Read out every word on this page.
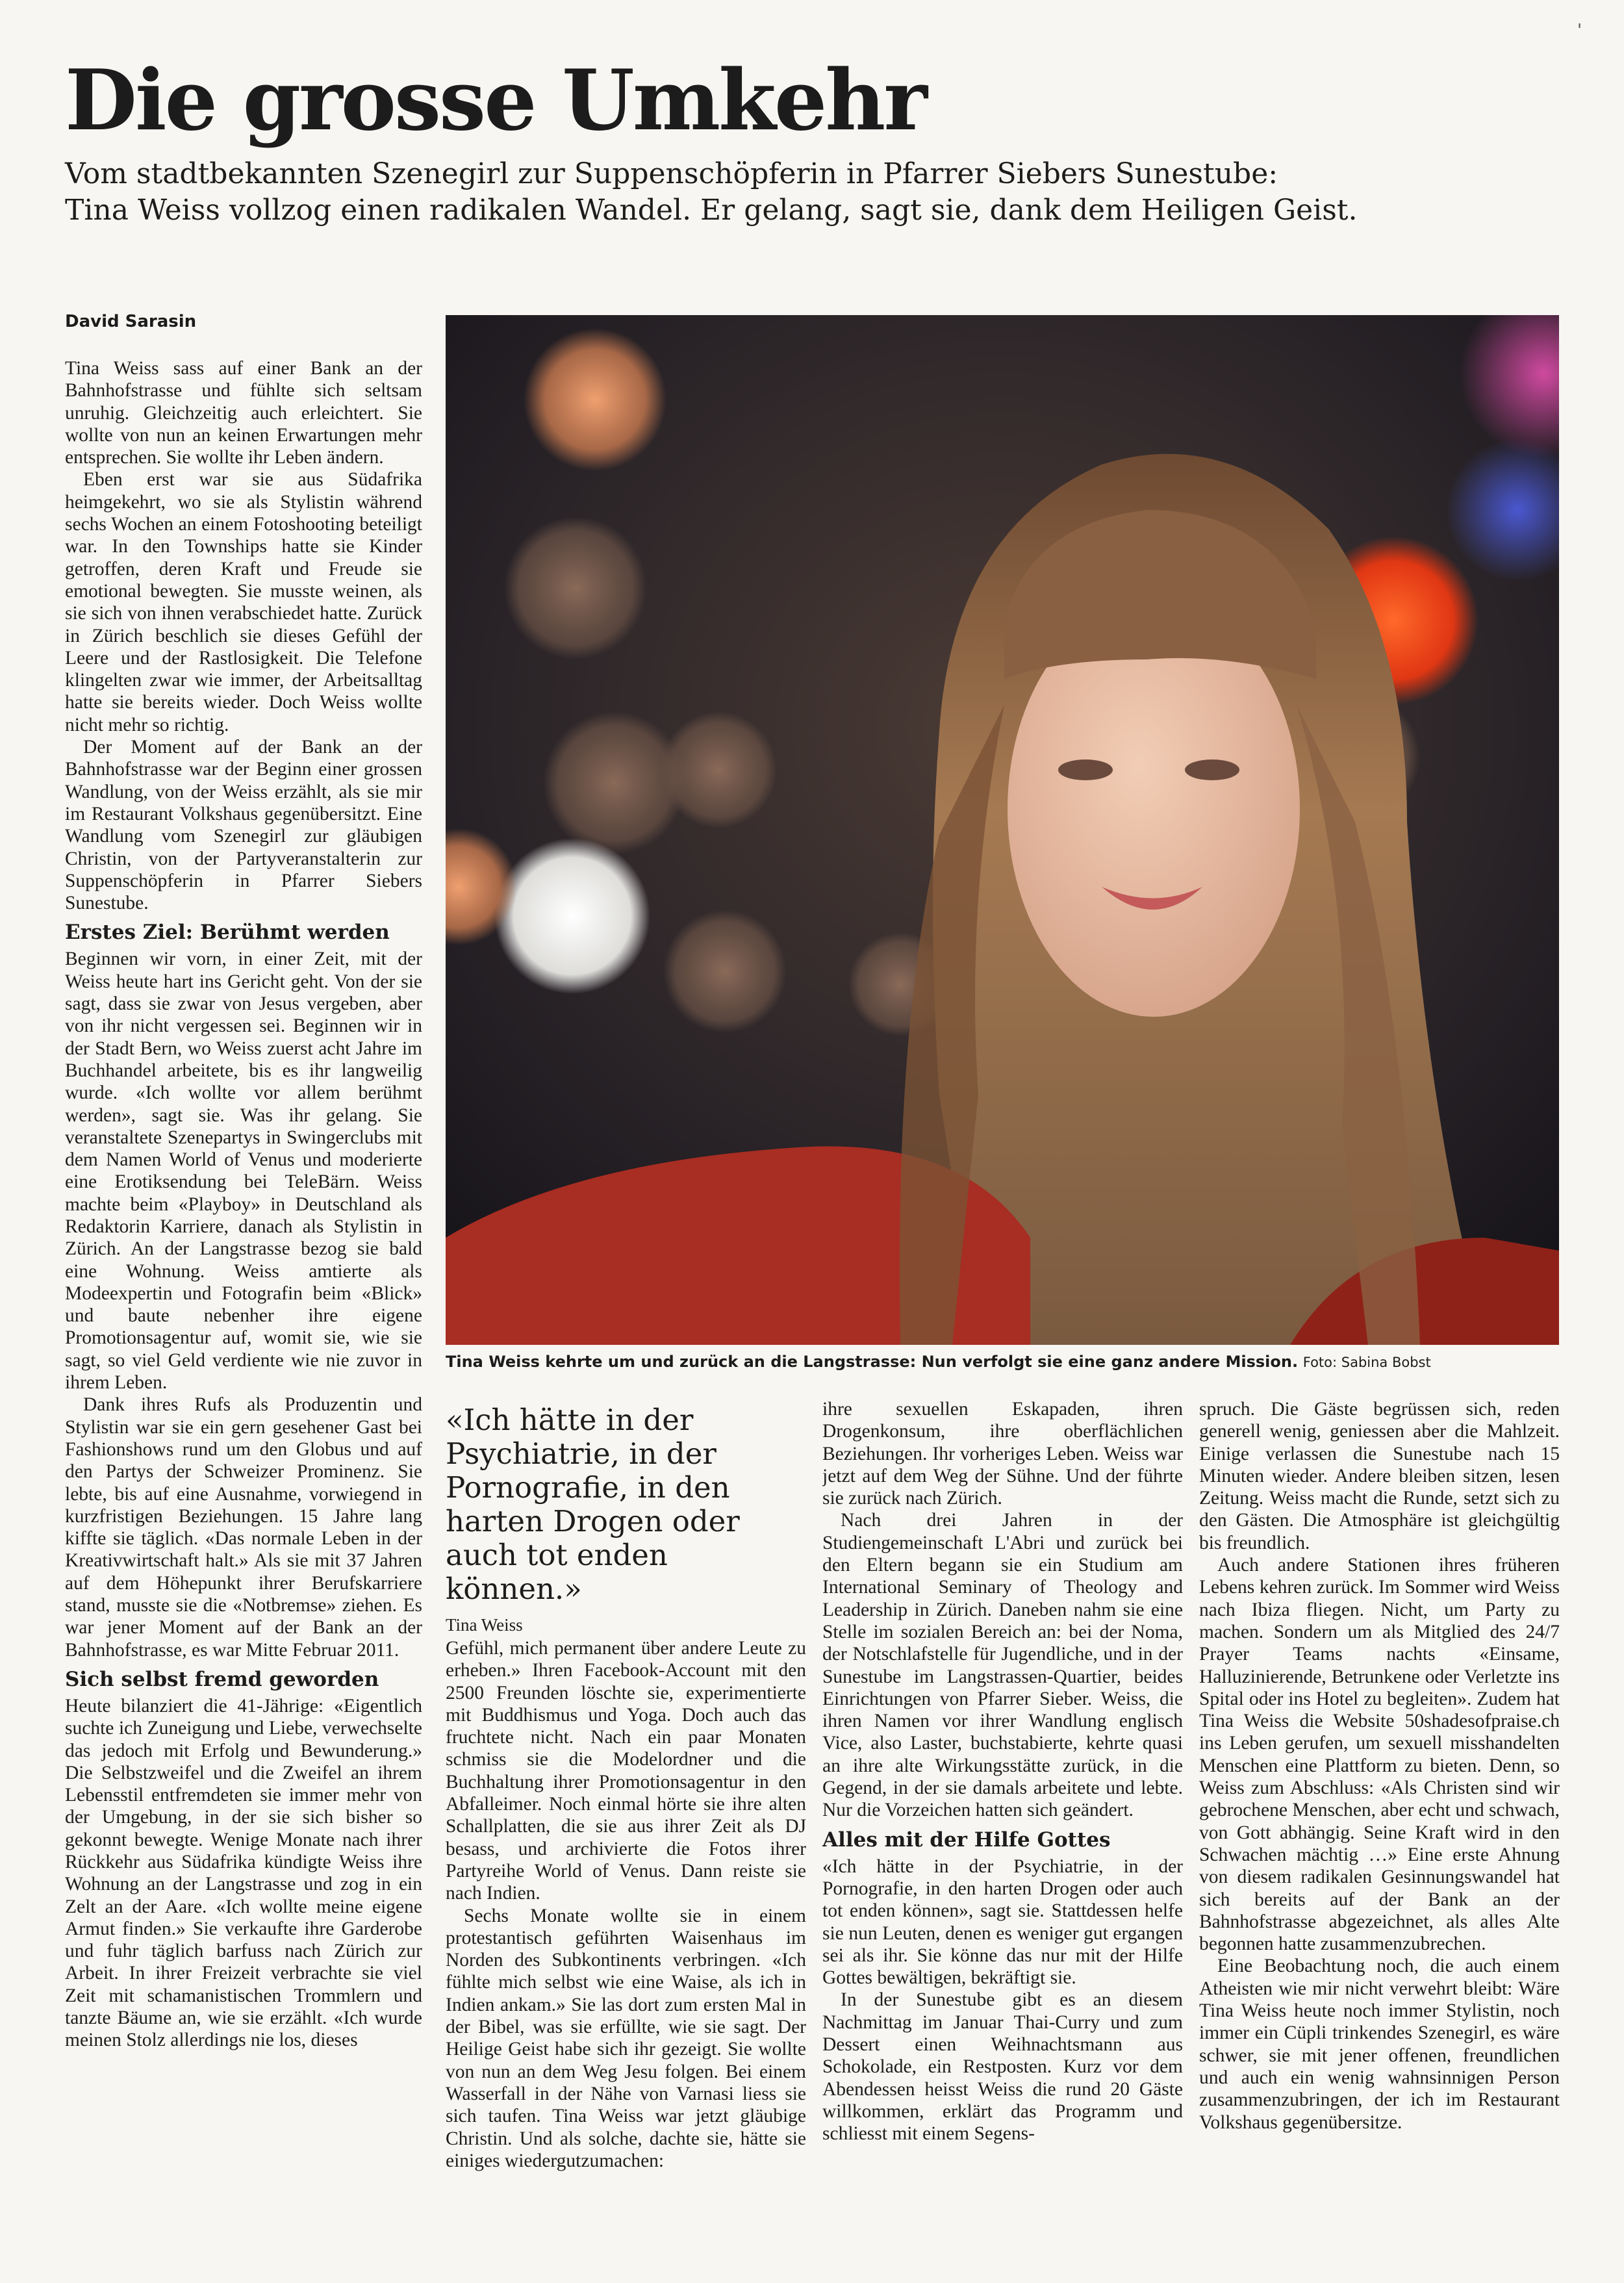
'
Die grosse Umkehr

Vom stadtbekannten Szenegirl zur Suppenschöpferin in Pfarrer Siebers Sunestube:
Tina Weiss vollzog einen radikalen Wandel. Er gelang, sagt sie, dank dem Heiligen Geist.

David Sarasin
Tina Weiss kehrte um und zurück an die Langstrasse: Nun verfolgt sie eine ganz andere Mission. Foto: Sabina Bobst

«Ich hätte in der Psychiatrie, in der Pornografie, in den harten Drogen oder auch tot enden können.»

Tina Weiss

Tina Weiss sass auf einer Bank an der Bahnhofstrasse und fühlte sich seltsam unruhig. Gleichzeitig auch erleichtert. Sie wollte von nun an keinen Erwartungen mehr entsprechen. Sie wollte ihr Leben ändern.

Eben erst war sie aus Südafrika heimgekehrt, wo sie als Stylistin während sechs Wochen an einem Fotoshooting beteiligt war. In den Townships hatte sie Kinder getroffen, deren Kraft und Freude sie emotional bewegten. Sie musste weinen, als sie sich von ihnen verabschiedet hatte. Zurück in Zürich beschlich sie dieses Gefühl der Leere und der Rastlosigkeit. Die Telefone klingelten zwar wie immer, der Arbeitsalltag hatte sie bereits wieder. Doch Weiss wollte nicht mehr so richtig.

Der Moment auf der Bank an der Bahnhofstrasse war der Beginn einer grossen Wandlung, von der Weiss erzählt, als sie mir im Restaurant Volkshaus gegenübersitzt. Eine Wandlung vom Szenegirl zur gläubigen Christin, von der Partyveranstalterin zur Suppenschöpferin in Pfarrer Siebers Sunestube.

Erstes Ziel: Berühmt werden

Beginnen wir vorn, in einer Zeit, mit der Weiss heute hart ins Gericht geht. Von der sie sagt, dass sie zwar von Jesus vergeben, aber von ihr nicht vergessen sei. Beginnen wir in der Stadt Bern, wo Weiss zuerst acht Jahre im Buchhandel arbeitete, bis es ihr langweilig wurde. «Ich wollte vor allem berühmt werden», sagt sie. Was ihr gelang. Sie veranstaltete Szenepartys in Swingerclubs mit dem Namen World of Venus und moderierte eine Erotiksendung bei TeleBärn. Weiss machte beim «Playboy» in Deutschland als Redaktorin Karriere, danach als Stylistin in Zürich. An der Langstrasse bezog sie bald eine Wohnung. Weiss amtierte als Modeexpertin und Fotografin beim «Blick» und baute nebenher ihre eigene Promotionsagentur auf, womit sie, wie sie sagt, so viel Geld verdiente wie nie zuvor in ihrem Leben.

Dank ihres Rufs als Produzentin und Stylistin war sie ein gern gesehener Gast bei Fashionshows rund um den Globus und auf den Partys der Schweizer Prominenz. Sie lebte, bis auf eine Ausnahme, vorwiegend in kurzfristigen Beziehungen. 15 Jahre lang kiffte sie täglich. «Das normale Leben in der Kreativwirtschaft halt.» Als sie mit 37 Jahren auf dem Höhepunkt ihrer Berufskarriere stand, musste sie die «Notbremse» ziehen. Es war jener Moment auf der Bank an der Bahnhofstrasse, es war Mitte Februar 2011.

Sich selbst fremd geworden

Heute bilanziert die 41-Jährige: «Eigentlich suchte ich Zuneigung und Liebe, verwechselte das jedoch mit Erfolg und Bewunderung.» Die Selbstzweifel und die Zweifel an ihrem Lebensstil entfremdeten sie immer mehr von der Umgebung, in der sie sich bisher so gekonnt bewegte. Wenige Monate nach ihrer Rückkehr aus Südafrika kündigte Weiss ihre Wohnung an der Langstrasse und zog in ein Zelt an der Aare. «Ich wollte meine eigene Armut finden.» Sie verkaufte ihre Garderobe und fuhr täglich barfuss nach Zürich zur Arbeit. In ihrer Freizeit verbrachte sie viel Zeit mit schamanistischen Trommlern und tanzte Bäume an, wie sie erzählt. «Ich wurde meinen Stolz allerdings nie los, dieses

Gefühl, mich permanent über andere Leute zu erheben.» Ihren Facebook-Account mit den 2500 Freunden löschte sie, experimentierte mit Buddhismus und Yoga. Doch auch das fruchtete nicht. Nach ein paar Monaten schmiss sie die Modelordner und die Buchhaltung ihrer Promotionsagentur in den Abfalleimer. Noch einmal hörte sie ihre alten Schallplatten, die sie aus ihrer Zeit als DJ besass, und archivierte die Fotos ihrer Partyreihe World of Venus. Dann reiste sie nach Indien.

Sechs Monate wollte sie in einem protestantisch geführten Waisenhaus im Norden des Subkontinents verbringen. «Ich fühlte mich selbst wie eine Waise, als ich in Indien ankam.» Sie las dort zum ersten Mal in der Bibel, was sie erfüllte, wie sie sagt. Der Heilige Geist habe sich ihr gezeigt. Sie wollte von nun an dem Weg Jesu folgen. Bei einem Wasserfall in der Nähe von Varnasi liess sie sich taufen. Tina Weiss war jetzt gläubige Christin. Und als solche, dachte sie, hätte sie einiges wiedergutzumachen:

ihre sexuellen Eskapaden, ihren Drogenkonsum, ihre oberflächlichen Beziehungen. Ihr vorheriges Leben. Weiss war jetzt auf dem Weg der Sühne. Und der führte sie zurück nach Zürich.

Nach drei Jahren in der Studiengemeinschaft L'Abri und zurück bei den Eltern begann sie ein Studium am International Seminary of Theology and Leadership in Zürich. Daneben nahm sie eine Stelle im sozialen Bereich an: bei der Noma, der Notschlafstelle für Jugendliche, und in der Sunestube im Langstrassen-Quartier, beides Einrichtungen von Pfarrer Sieber. Weiss, die ihren Namen vor ihrer Wandlung englisch Vice, also Laster, buchstabierte, kehrte quasi an ihre alte Wirkungsstätte zurück, in die Gegend, in der sie damals arbeitete und lebte. Nur die Vorzeichen hatten sich geändert.

Alles mit der Hilfe Gottes

«Ich hätte in der Psychiatrie, in der Pornografie, in den harten Drogen oder auch tot enden können», sagt sie. Stattdessen helfe sie nun Leuten, denen es weniger gut ergangen sei als ihr. Sie könne das nur mit der Hilfe Gottes bewältigen, bekräftigt sie.

In der Sunestube gibt es an diesem Nachmittag im Januar Thai-Curry und zum Dessert einen Weihnachtsmann aus Schokolade, ein Restposten. Kurz vor dem Abendessen heisst Weiss die rund 20 Gäste willkommen, erklärt das Programm und schliesst mit einem Segens-

spruch. Die Gäste begrüssen sich, reden generell wenig, geniessen aber die Mahlzeit. Einige verlassen die Sunestube nach 15 Minuten wieder. Andere bleiben sitzen, lesen Zeitung. Weiss macht die Runde, setzt sich zu den Gästen. Die Atmosphäre ist gleichgültig bis freundlich.

Auch andere Stationen ihres früheren Lebens kehren zurück. Im Sommer wird Weiss nach Ibiza fliegen. Nicht, um Party zu machen. Sondern um als Mitglied des 24/7 Prayer Teams nachts «Einsame, Halluzinierende, Betrunkene oder Verletzte ins Spital oder ins Hotel zu begleiten». Zudem hat Tina Weiss die Website 50shadesofpraise.ch ins Leben gerufen, um sexuell misshandelten Menschen eine Plattform zu bieten. Denn, so Weiss zum Abschluss: «Als Christen sind wir gebrochene Menschen, aber echt und schwach, von Gott abhängig. Seine Kraft wird in den Schwachen mächtig …» Eine erste Ahnung von diesem radikalen Gesinnungswandel hat sich bereits auf der Bank an der Bahnhofstrasse abgezeichnet, als alles Alte begonnen hatte zusammenzubrechen.

Eine Beobachtung noch, die auch einem Atheisten wie mir nicht verwehrt bleibt: Wäre Tina Weiss heute noch immer Stylistin, noch immer ein Cüpli trinkendes Szenegirl, es wäre schwer, sie mit jener offenen, freundlichen und auch ein wenig wahnsinnigen Person zusammenzubringen, der ich im Restaurant Volkshaus gegenübersitze.
